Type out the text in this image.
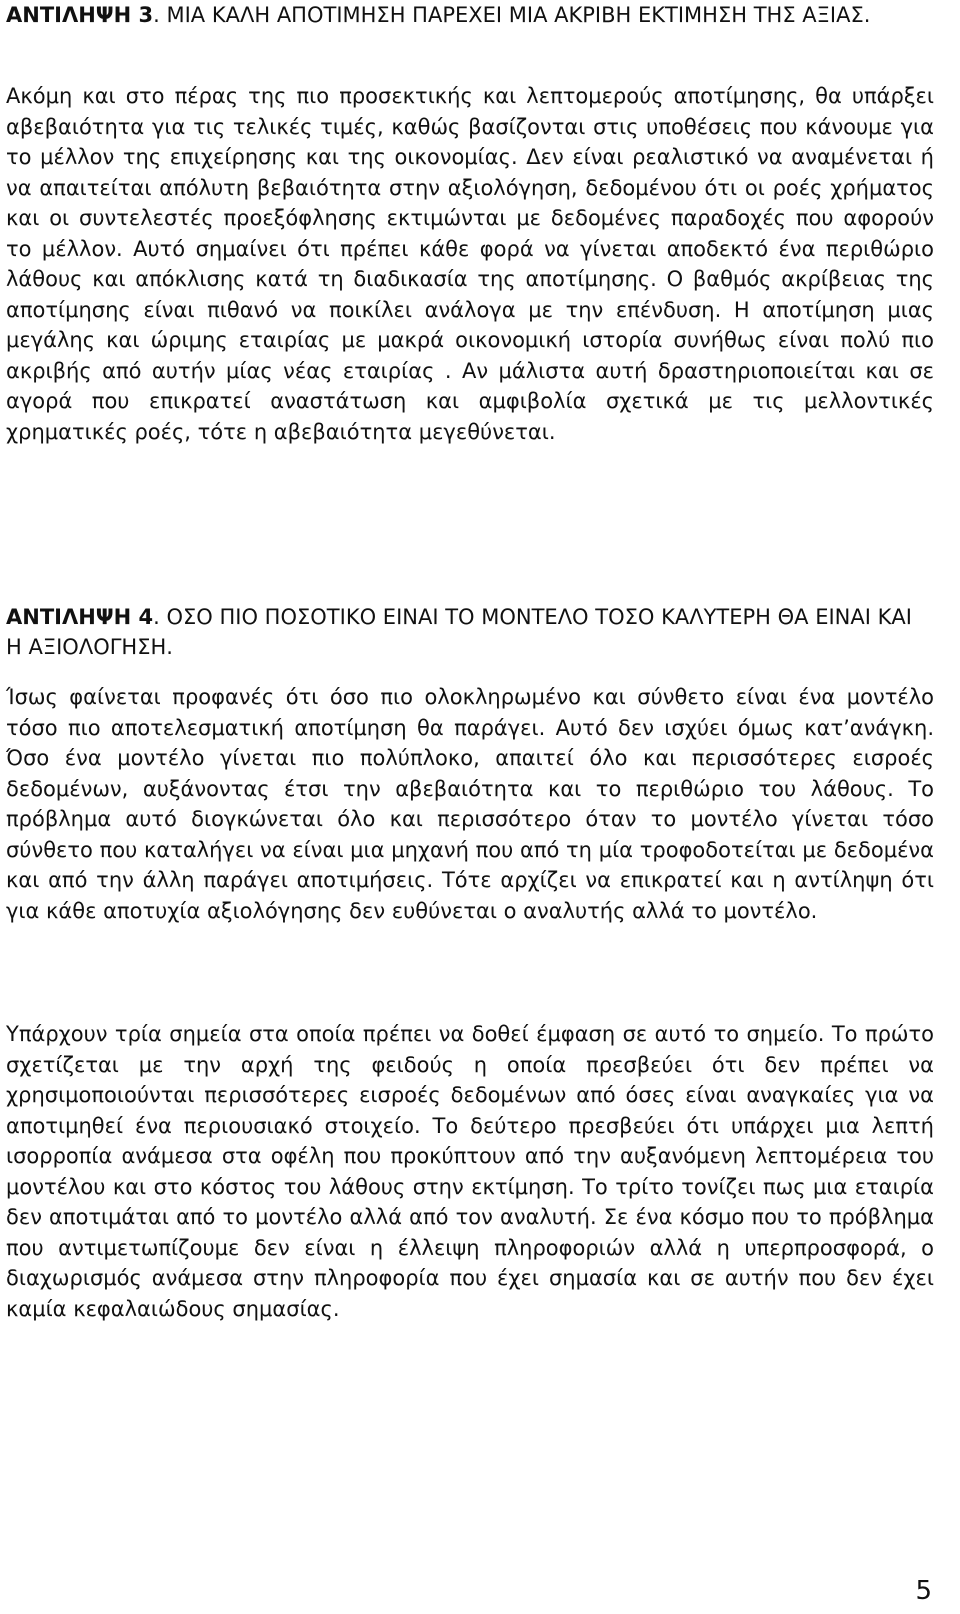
ΑΝΤΙΛΗΨΗ 3. ΜΙΑ ΚΑΛΗ ΑΠΟΤΙΜΗΣΗ ΠΑΡΕΧΕΙ ΜΙΑ ΑΚΡΙΒΗ ΕΚΤΙΜΗΣΗ ΤΗΣ ΑΞΙΑΣ.

Ακόμη και στο πέρας της πιο προσεκτικής και λεπτομερούς αποτίμησης, θα υπάρξει αβεβαιότητα για τις τελικές τιμές, καθώς βασίζονται στις υποθέσεις που κάνουμε για το μέλλον της επιχείρησης και της οικονομίας. Δεν είναι ρεαλιστικό να αναμένεται ή να απαιτείται απόλυτη βεβαιότητα στην αξιολόγηση, δεδομένου ότι οι ροές χρήματος και οι συντελεστές προεξόφλησης εκτιμώνται με δεδομένες παραδοχές που αφορούν το μέλλον. Αυτό σημαίνει ότι πρέπει κάθε φορά να γίνεται αποδεκτό ένα περιθώριο λάθους και απόκλισης κατά τη διαδικασία της αποτίμησης. Ο βαθμός ακρίβειας της αποτίμησης είναι πιθανό να ποικίλει ανάλογα με την επένδυση. Η αποτίμηση μιας μεγάλης και ώριμης εταιρίας με μακρά οικονομική ιστορία συνήθως είναι πολύ πιο ακριβής από αυτήν μίας νέας εταιρίας . Αν μάλιστα αυτή δραστηριοποιείται και σε αγορά που επικρατεί αναστάτωση και αμφιβολία σχετικά με τις μελλοντικές χρηματικές ροές, τότε η αβεβαιότητα μεγεθύνεται.

ΑΝΤΙΛΗΨΗ 4. ΟΣΟ ΠΙΟ ΠΟΣΟΤΙΚΟ ΕΙΝΑΙ ΤΟ ΜΟΝΤΕΛΟ ΤΟΣΟ ΚΑΛΥΤΕΡΗ ΘΑ ΕΙΝΑΙ ΚΑΙ Η ΑΞΙΟΛΟΓΗΣΗ.

Ίσως φαίνεται προφανές ότι όσο πιο ολοκληρωμένο και σύνθετο είναι ένα μοντέλο τόσο πιο αποτελεσματική αποτίμηση θα παράγει. Αυτό δεν ισχύει όμως κατ’ανάγκη. Όσο ένα μοντέλο γίνεται πιο πολύπλοκο, απαιτεί όλο και περισσότερες εισροές δεδομένων, αυξάνοντας έτσι την αβεβαιότητα και το περιθώριο του λάθους. Το πρόβλημα αυτό διογκώνεται όλο και περισσότερο όταν το μοντέλο γίνεται τόσο σύνθετο που καταλήγει να είναι μια μηχανή που από τη μία τροφοδοτείται με δεδομένα και από την άλλη παράγει αποτιμήσεις. Τότε αρχίζει να επικρατεί και η αντίληψη ότι για κάθε αποτυχία αξιολόγησης δεν ευθύνεται ο αναλυτής αλλά το μοντέλο.

Υπάρχουν τρία σημεία στα οποία πρέπει να δοθεί έμφαση σε αυτό το σημείο. Το πρώτο σχετίζεται με την αρχή της φειδούς η οποία πρεσβεύει ότι δεν πρέπει να χρησιμοποιούνται περισσότερες εισροές δεδομένων από όσες είναι αναγκαίες για να αποτιμηθεί ένα περιουσιακό στοιχείο. Το δεύτερο πρεσβεύει ότι υπάρχει μια λεπτή ισορροπία ανάμεσα στα οφέλη που προκύπτουν από την αυξανόμενη λεπτομέρεια του μοντέλου και στο κόστος του λάθους στην εκτίμηση. Το τρίτο τονίζει πως μια εταιρία δεν αποτιμάται από το μοντέλο αλλά από τον αναλυτή. Σε ένα κόσμο που το πρόβλημα που αντιμετωπίζουμε δεν είναι η έλλειψη πληροφοριών αλλά η υπερπροσφορά, ο διαχωρισμός ανάμεσα στην πληροφορία που έχει σημασία και σε αυτήν που δεν έχει καμία κεφαλαιώδους σημασίας.

5
